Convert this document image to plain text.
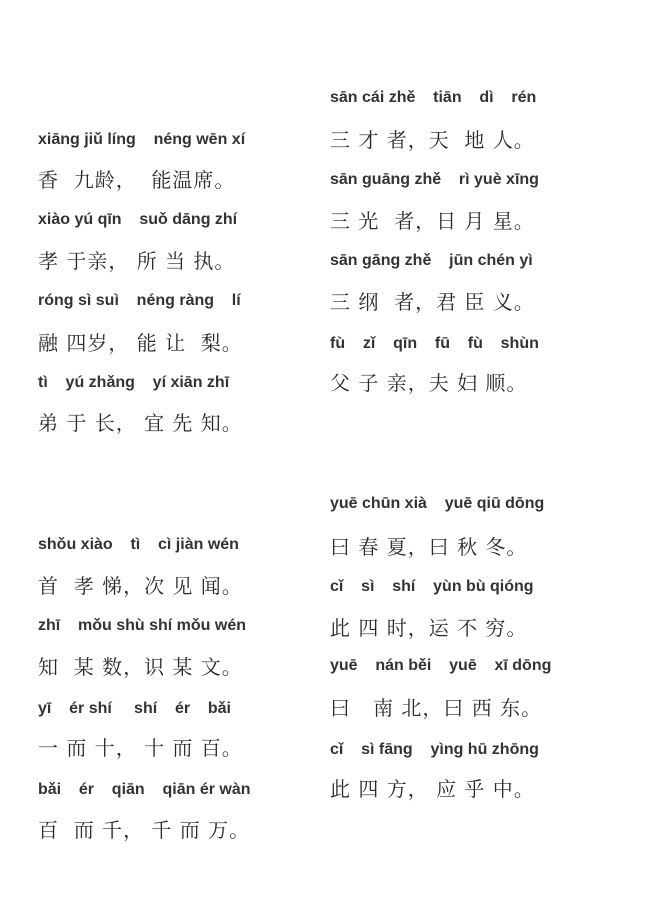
xiāng jiǔ líng    néng wēn xí
香  九龄，  能温席。
xiào yú qīn    suǒ dāng zhí
孝 于亲， 所 当 执。
róng sì suì    néng ràng    lí
融 四岁， 能 让  梨。
tì    yú zhǎng    yí xiān zhī
弟 于 长， 宜 先 知。
shǒu xiào    tì    cì jiàn wén
首  孝 悌，次 见 闻。
zhī    mǒu shù shí mǒu wén
知  某 数，识 某 文。
yī    ér shí     shí    ér    bǎi
一 而 十， 十 而 百。
bǎi    ér    qiān    qiān ér wàn
百  而 千， 千 而 万。
sān cái zhě    tiān    dì    rén
三 才 者，天  地 人。
sān guāng zhě    rì yuè xīng
三 光  者，日 月 星。
sān gāng zhě    jūn chén yì
三 纲  者，君 臣 义。
fù    zǐ    qīn    fū    fù    shùn
父 子 亲，夫 妇 顺。
yuē chūn xià    yuē qiū dōng
曰 春 夏，曰 秋 冬。
cǐ    sì    shí    yùn bù qióng
此 四 时，运 不 穷。
yuē    nán běi    yuē    xī dōng
曰   南 北，曰 西 东。
cǐ    sì fāng    yìng hū zhōng
此 四 方， 应 乎 中。
